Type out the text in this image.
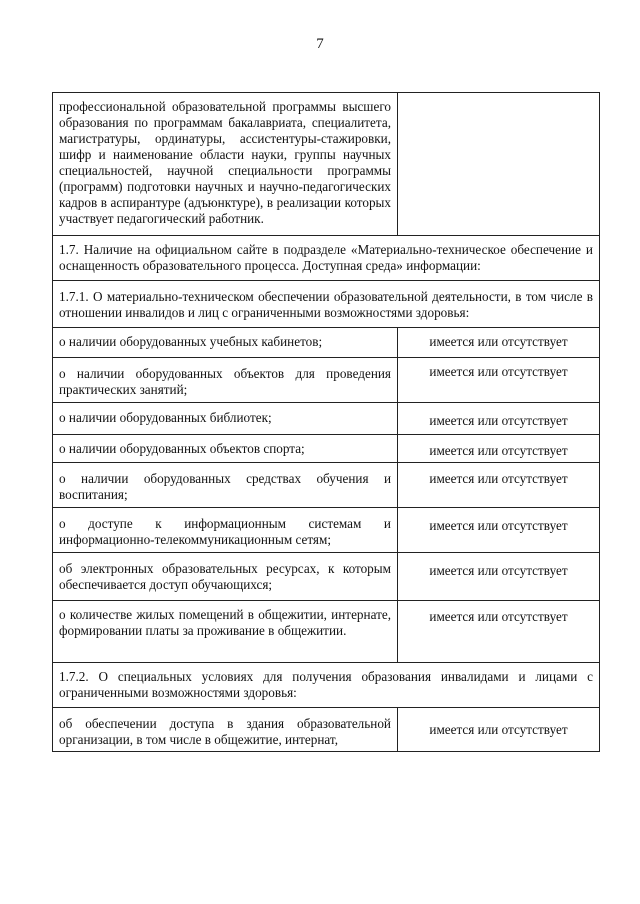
7
профессиональной образовательной программы высшего образования по программам бакалавриата, специалитета, магистратуры, ординатуры, ассистентуры-стажировки, шифр и наименование области науки, группы научных специальностей, научной специальности программы (программ) подготовки научных и научно-педагогических кадров в аспирантуре (адъюнктуре), в реализации которых участвует педагогический работник.	
1.7. Наличие на официальном сайте в подразделе «Материально-техническое обеспечение и оснащенность образовательного процесса. Доступная среда» информации:	
1.7.1. О материально-техническом обеспечении образовательной деятельности, в том числе в отношении инвалидов и лиц с ограниченными возможностями здоровья:	
о наличии оборудованных учебных кабинетов;	имеется или отсутствует
о наличии оборудованных объектов для проведения практических занятий;	имеется или отсутствует
о наличии оборудованных библиотек;	имеется или отсутствует
о наличии оборудованных объектов спорта;	имеется или отсутствует
о наличии оборудованных средствах обучения и воспитания;	имеется или отсутствует
о доступе к информационным системам и информационно-телекоммуникационным сетям;	имеется или отсутствует
об электронных образовательных ресурсах, к которым обеспечивается доступ обучающихся;	имеется или отсутствует
о количестве жилых помещений в общежитии, интернате, формировании платы за проживание в общежитии.	имеется или отсутствует
1.7.2. О специальных условиях для получения образования инвалидами и лицами с ограниченными возможностями здоровья:	
об обеспечении доступа в здания образовательной организации, в том числе в общежитие, интернат,	имеется или отсутствует
